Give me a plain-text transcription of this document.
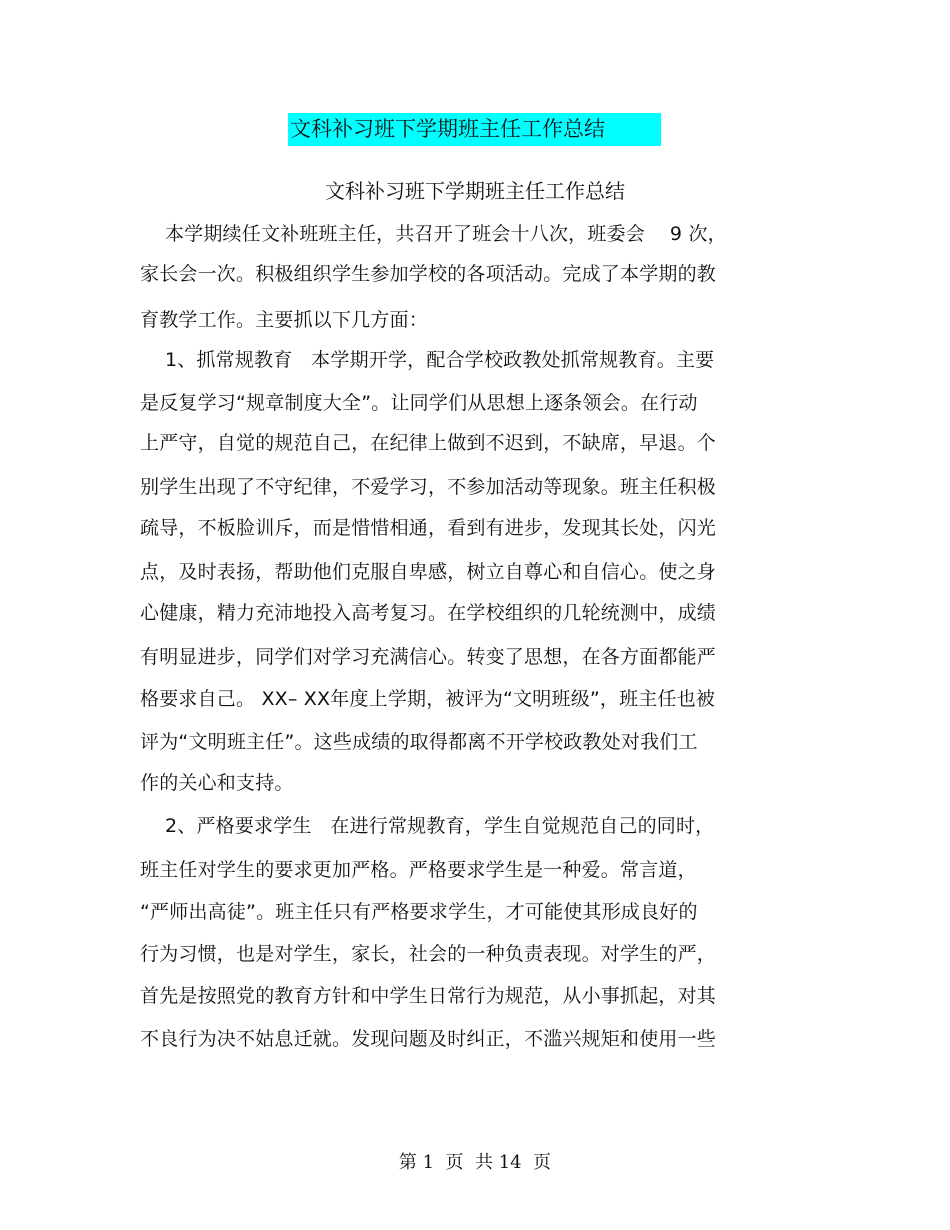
文科补习班下学期班主任工作总结
文科补习班下学期班主任工作总结
本学期续任文补班班主任，共召开了班会十八次，班委会    9 次，
家长会一次。积极组织学生参加学校的各项活动。完成了本学期的教
育教学工作。主要抓以下几方面：
1、抓常规教育   本学期开学，配合学校政教处抓常规教育。主要
是反复学习“规章制度大全”。让同学们从思想上逐条领会。在行动
上严守，自觉的规范自己，在纪律上做到不迟到，不缺席，早退。个
别学生出现了不守纪律，不爱学习，不参加活动等现象。班主任积极
疏导，不板脸训斥，而是惜惜相通，看到有进步，发现其长处，闪光
点，及时表扬，帮助他们克服自卑感，树立自尊心和自信心。使之身
心健康，精力充沛地投入高考复习。在学校组织的几轮统测中，成绩
有明显进步，同学们对学习充满信心。转变了思想，在各方面都能严
格要求自己。 XX– XX年度上学期，被评为“文明班级”，班主任也被
评为“文明班主任”。这些成绩的取得都离不开学校政教处对我们工
作的关心和支持。
2、严格要求学生   在进行常规教育，学生自觉规范自己的同时，
班主任对学生的要求更加严格。严格要求学生是一种爱。常言道，
“严师出高徒”。班主任只有严格要求学生，才可能使其形成良好的
行为习惯，也是对学生，家长，社会的一种负责表现。对学生的严，
首先是按照党的教育方针和中学生日常行为规范，从小事抓起，对其
不良行为决不姑息迁就。发现问题及时纠正，不滥兴规矩和使用一些
第 1  页  共 14  页
